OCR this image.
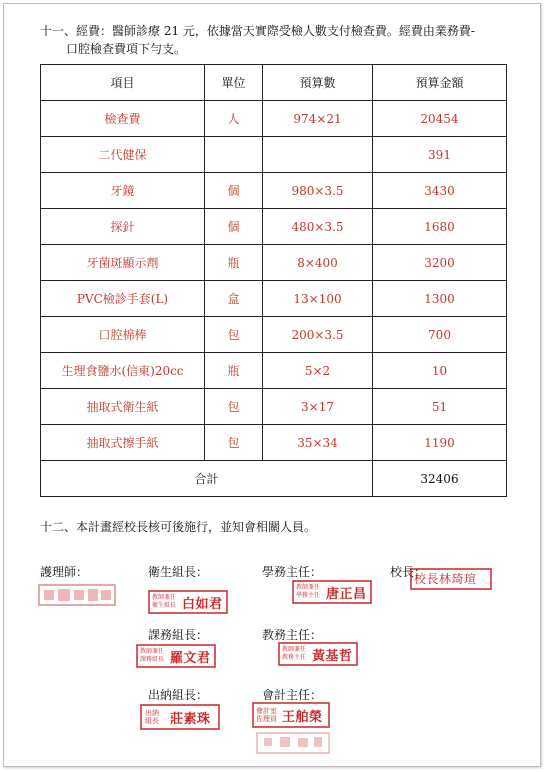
十一、經費：醫師診療 21 元，依據當天實際受檢人數支付檢查費。經費由業務費-
口腔檢查費項下勻支。
項目	單位	預算數	預算金額
檢查費	人	974×21	20454
二代健保			391
牙鏡	個	980×3.5	3430
探針	個	480×3.5	1680
牙菌斑顯示劑	瓶	8×400	3200
PVC檢診手套(L)	盒	13×100	1300
口腔棉棒	包	200×3.5	700
生理食鹽水(信東)20cc	瓶	5×2	10
抽取式衛生紙	包	3×17	51
抽取式擦手紙	包	35×34	1190
合計			32406
十二、本計畫經校長核可後施行，並知會相關人員。
護理師：	衛生組長：	學務主任：	校長：
課務組長：	教務主任：
出納組長：	會計主任：
教師兼任
衛生組長 白如君
教師兼任
學務主任 唐正昌
校長林琦瑄
教師兼任
課務組長 羅文君
教師兼任
教務主任 黃基哲
出納
組長 莊素珠
會計室
佐理員 王舶榮
